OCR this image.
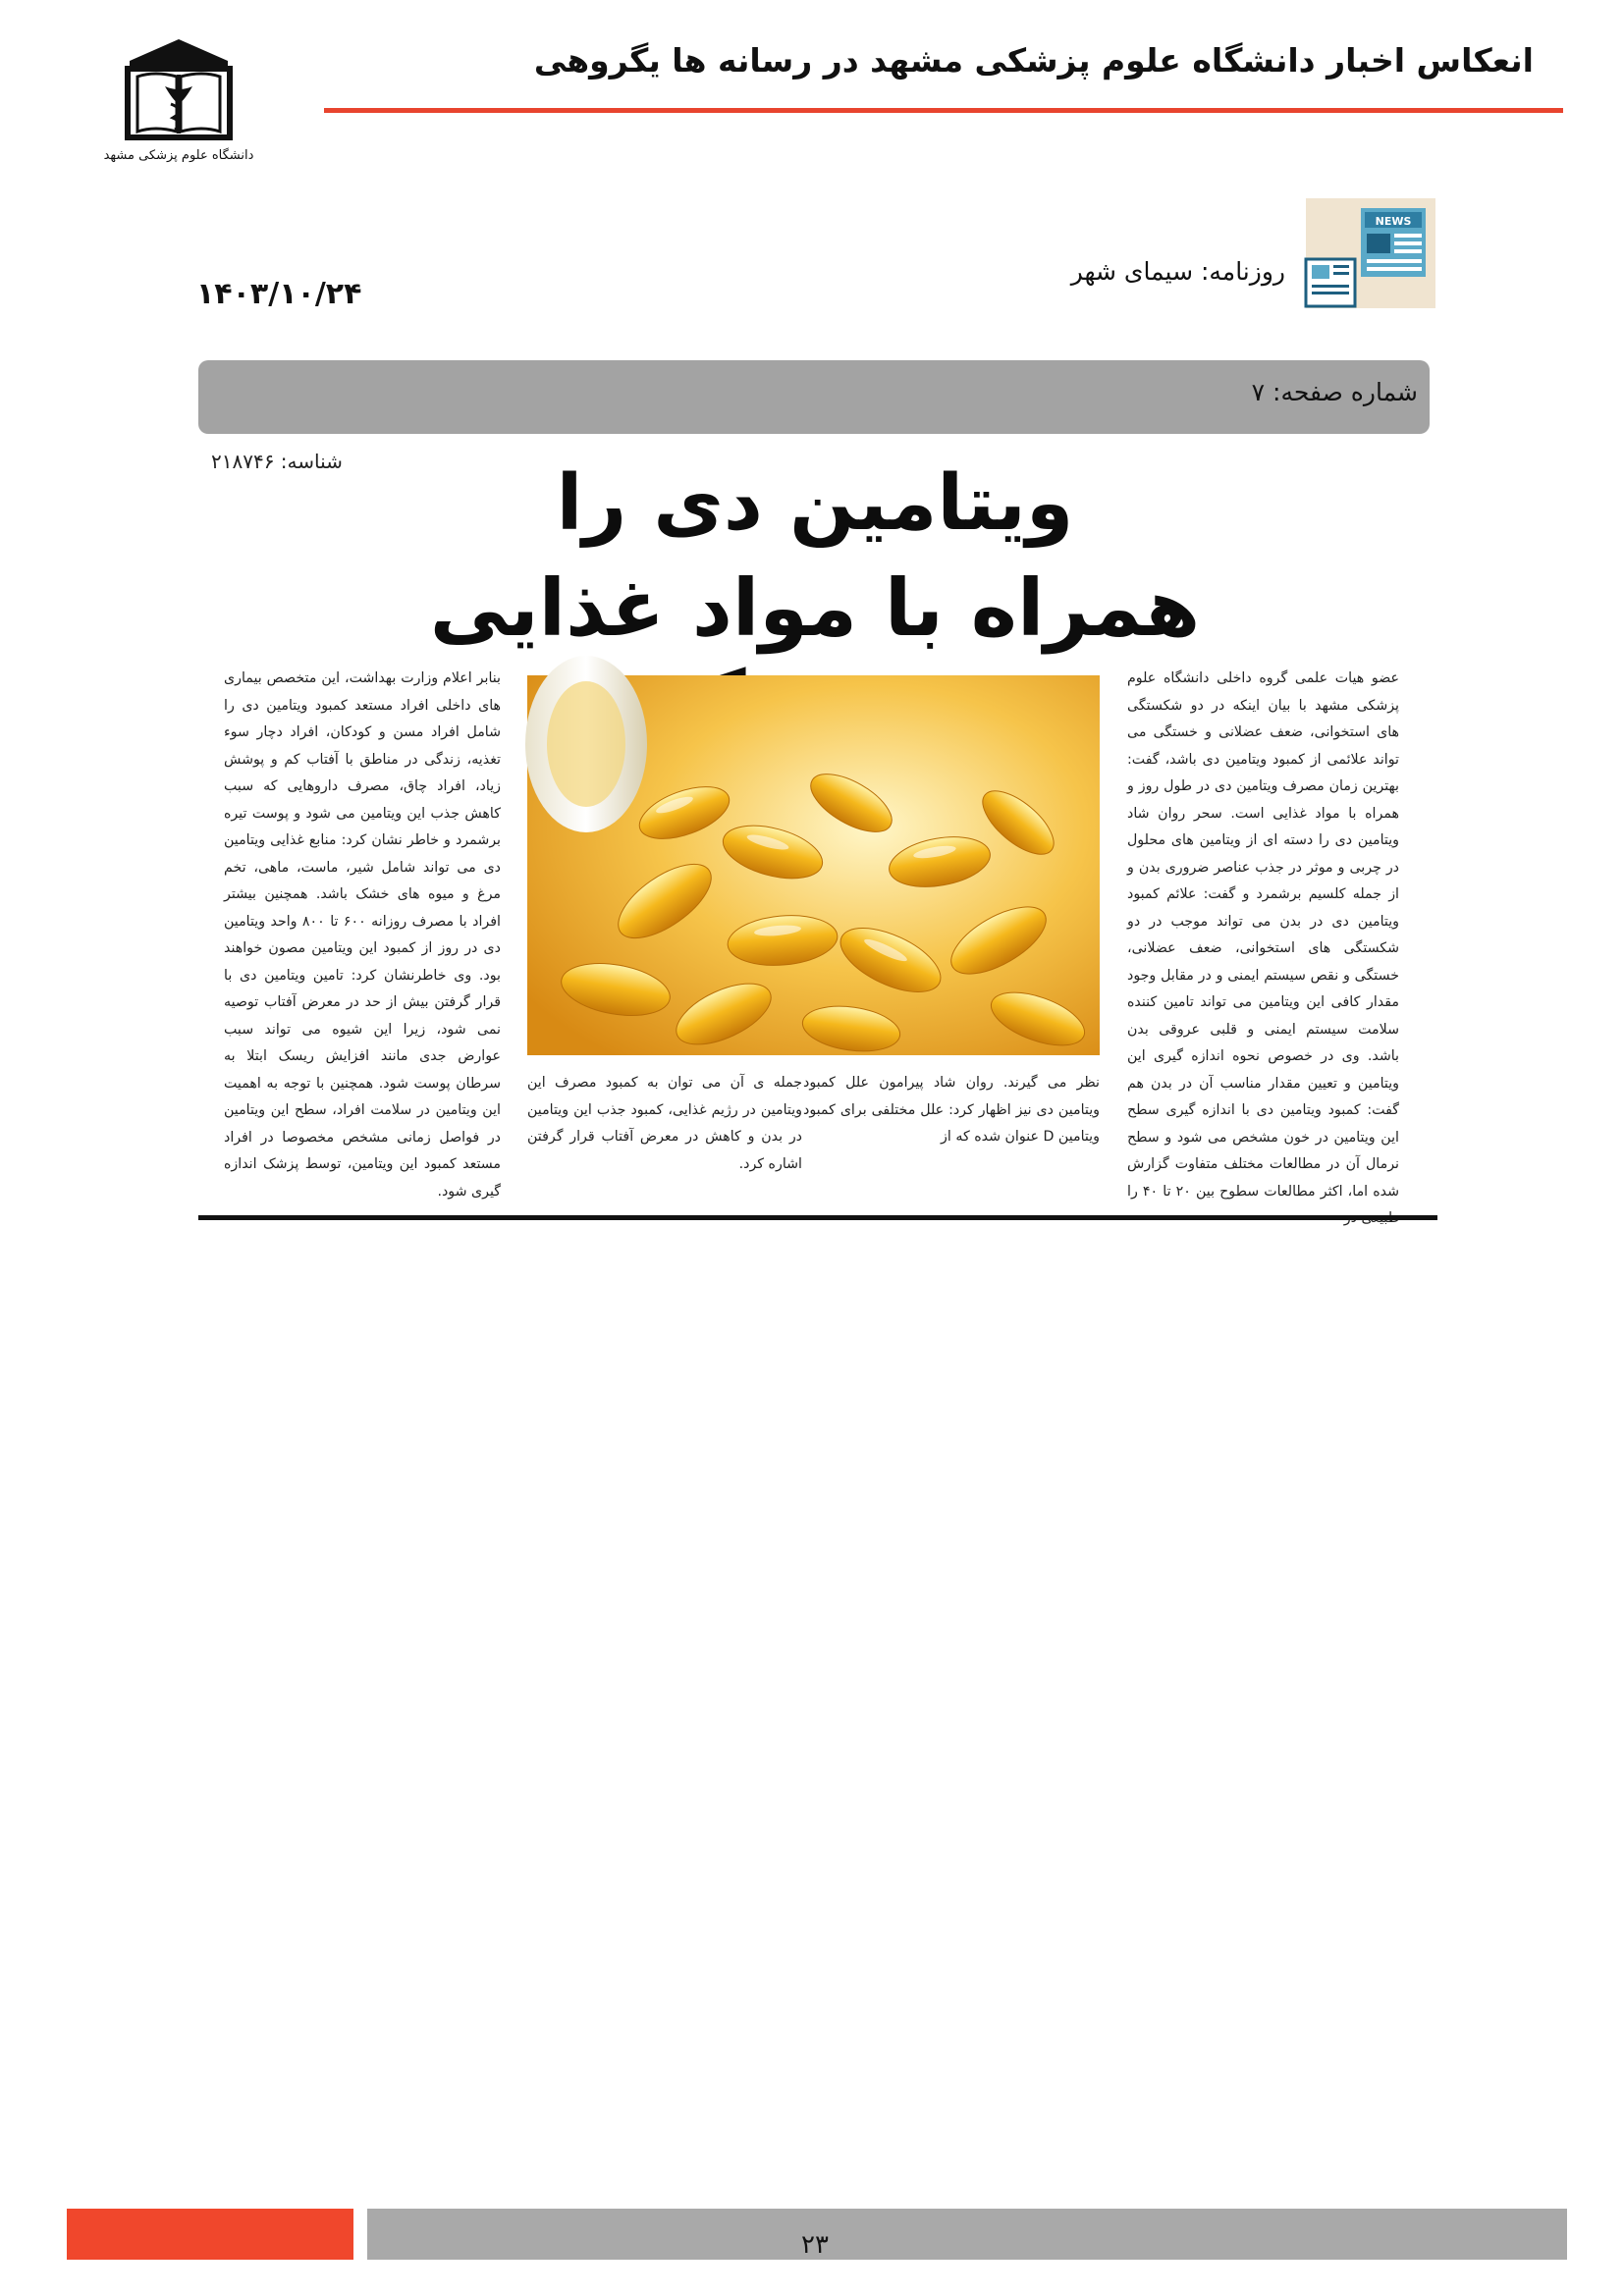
انعکاس اخبار دانشگاه علوم پزشکی مشهد در رسانه ها یگروهی
دانشگاه علوم پزشکی مشهد
NEWS
روزنامه: سیمای شهر
۱۴۰۳/۱۰/۲۴
شماره صفحه: ۷
شناسه: ۲۱۸۷۴۶	ویتامین دی را
همراه با مواد غذایی
عضو هیات علمی گروه داخلی دانشگاه علوم پزشکی مشهد با بیان اینکه در دو شکستگی های استخوانی، ضعف عضلانی و خستگی می تواند علائمی از کمبود ویتامین دی باشد، گفت: بهترین زمان مصرف ویتامین دی در طول روز و همراه با مواد غذایی است. سحر روان شاد ویتامین دی را دسته ای از ویتامین های محلول در چربی و موثر در جذب عناصر ضروری بدن و از جمله کلسیم برشمرد و گفت: علائم کمبود ویتامین دی در بدن می تواند موجب در دو شکستگی های استخوانی، ضعف عضلانی، خستگی و نقص سیستم ایمنی و در مقابل وجود مقدار کافی این ویتامین می تواند تامین کننده سلامت سیستم ایمنی و قلبی عروقی بدن باشد. وی در خصوص نحوه اندازه گیری این ویتامین و تعیین مقدار مناسب آن در بدن هم گفت: کمبود ویتامین دی با اندازه گیری سطح این ویتامین در خون مشخص می شود و سطح نرمال آن در مطالعات مختلف متفاوت گزارش شده اما، اکثر مطالعات سطوح بین ۲۰ تا ۴۰ را
نظر می گیرند. روان شاد پیرامون علل کمبود ویتامین دی نیز اظهار کرد: علل مختلفی برای کمبود ویتامین D عنوان شده که از
جمله ی آن می توان به کمبود مصرف این ویتامین در رژیم غذایی، کمبود جذب این ویتامین در بدن و کاهش در معرض آفتاب قرار گرفتن اشاره کرد.
بنابر اعلام وزارت بهداشت، این متخصص بیماری های داخلی افراد مستعد کمبود ویتامین دی را شامل افراد مسن و کودکان، افراد دچار سوء تغذیه، زندگی در مناطق با آفتاب کم و پوشش زیاد، افراد چاق، مصرف داروهایی که سبب کاهش جذب این ویتامین می شود و پوست تیره برشمرد و خاطر نشان کرد: منابع غذایی ویتامین دی می تواند شامل شیر، ماست، ماهی، تخم مرغ و میوه های خشک باشد. همچنین بیشتر افراد با مصرف روزانه ۶۰۰ تا ۸۰۰ واحد ویتامین دی در روز از کمبود این ویتامین مصون خواهند بود. وی خاطرنشان کرد: تامین ویتامین دی با قرار گرفتن بیش از حد در معرض آفتاب توصیه نمی شود، زیرا این شیوه می تواند سبب عوارض جدی مانند افزایش ریسک ابتلا به سرطان پوست شود. همچنین با توجه به اهمیت این ویتامین در سلامت افراد، سطح این ویتامین در فواصل زمانی مشخص مخصوصا در افراد مستعد کمبود این ویتامین، توسط پزشک اندازه گیری شود.
۲۳
